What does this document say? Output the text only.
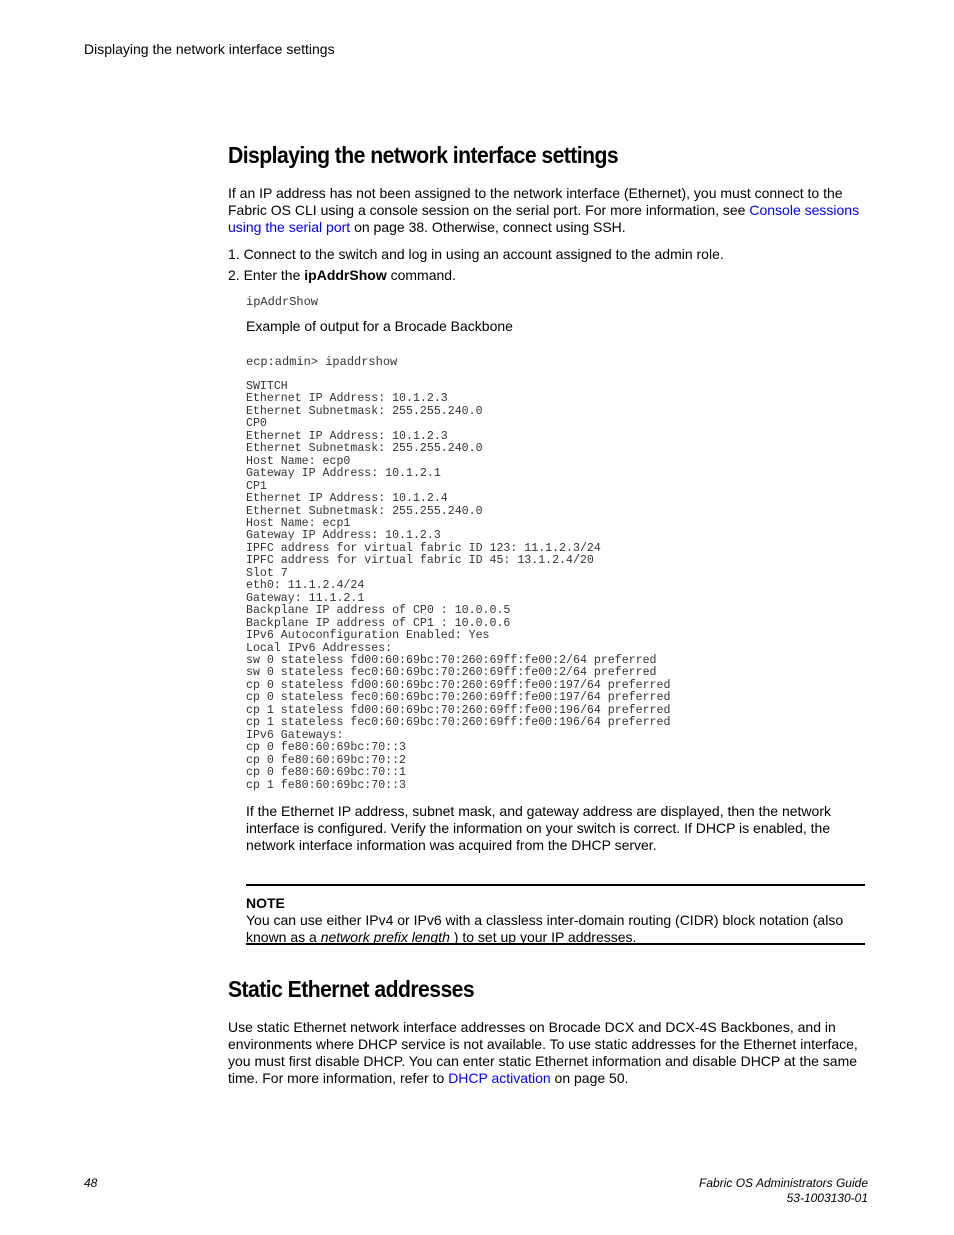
Displaying the network interface settings
Displaying the network interface settings

If an IP address has not been assigned to the network interface (Ethernet), you must connect to the Fabric OS CLI using a console session on the serial port. For more information, see Console sessions using the serial port on page 38. Otherwise, connect using SSH.

1. Connect to the switch and log in using an account assigned to the admin role.
2. Enter the ipAddrShow command.
ipAddrShow
Example of output for a Brocade Backbone
ecp:admin> ipaddrshow
SWITCH
Ethernet IP Address: 10.1.2.3
Ethernet Subnetmask: 255.255.240.0
CP0
Ethernet IP Address: 10.1.2.3
Ethernet Subnetmask: 255.255.240.0
Host Name: ecp0
Gateway IP Address: 10.1.2.1
CP1
Ethernet IP Address: 10.1.2.4
Ethernet Subnetmask: 255.255.240.0
Host Name: ecp1
Gateway IP Address: 10.1.2.3
IPFC address for virtual fabric ID 123: 11.1.2.3/24
IPFC address for virtual fabric ID 45: 13.1.2.4/20
Slot 7
eth0: 11.1.2.4/24
Gateway: 11.1.2.1
Backplane IP address of CP0 : 10.0.0.5
Backplane IP address of CP1 : 10.0.0.6
IPv6 Autoconfiguration Enabled: Yes
Local IPv6 Addresses:
sw 0 stateless fd00:60:69bc:70:260:69ff:fe00:2/64 preferred
sw 0 stateless fec0:60:69bc:70:260:69ff:fe00:2/64 preferred
cp 0 stateless fd00:60:69bc:70:260:69ff:fe00:197/64 preferred
cp 0 stateless fec0:60:69bc:70:260:69ff:fe00:197/64 preferred
cp 1 stateless fd00:60:69bc:70:260:69ff:fe00:196/64 preferred
cp 1 stateless fec0:60:69bc:70:260:69ff:fe00:196/64 preferred
IPv6 Gateways:
cp 0 fe80:60:69bc:70::3
cp 0 fe80:60:69bc:70::2
cp 0 fe80:60:69bc:70::1
cp 1 fe80:60:69bc:70::3

If the Ethernet IP address, subnet mask, and gateway address are displayed, then the network interface is configured. Verify the information on your switch is correct. If DHCP is enabled, the network interface information was acquired from the DHCP server.

NOTE

You can use either IPv4 or IPv6 with a classless inter-domain routing (CIDR) block notation (also known as a network prefix length ) to set up your IP addresses.

Static Ethernet addresses

Use static Ethernet network interface addresses on Brocade DCX and DCX-4S Backbones, and in environments where DHCP service is not available. To use static addresses for the Ethernet interface, you must first disable DHCP. You can enter static Ethernet information and disable DHCP at the same time. For more information, refer to DHCP activation on page 50.

48	Fabric OS Administrators Guide
53-1003130-01
